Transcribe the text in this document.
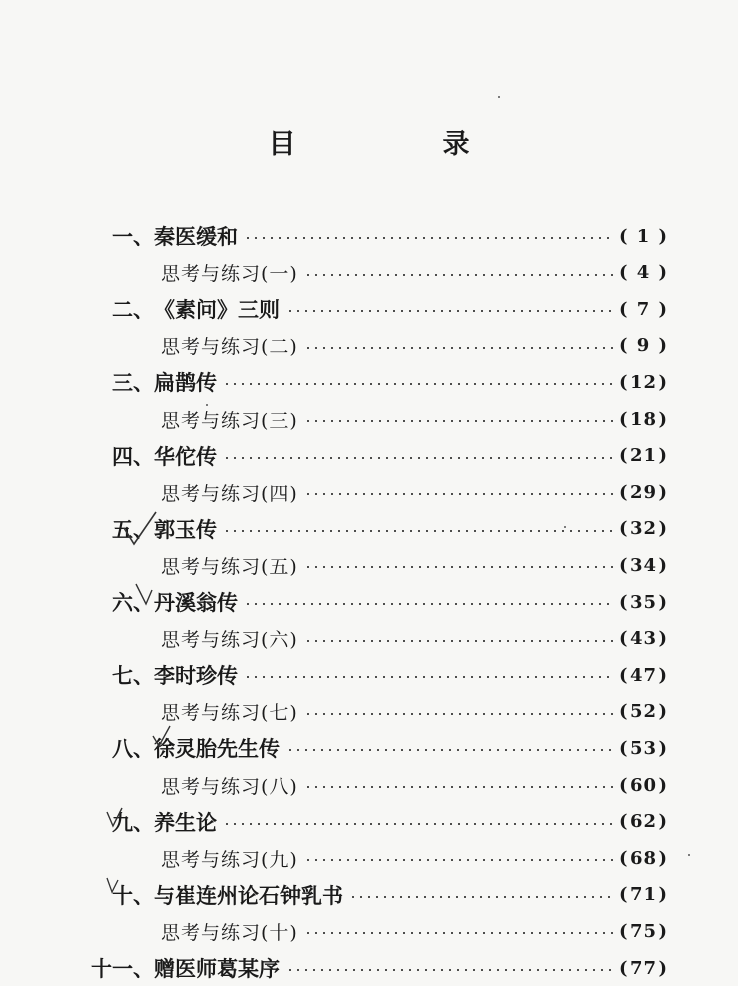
目　录
一、 秦医缓和	( 1 )
思考与练习(一)	( 4 )
二、 《素问》三则	( 7 )
思考与练习(二)	( 9 )
三、 扁鹊传	(12)
思考与练习(三)	(18)
四、 华佗传	(21)
思考与练习(四)	(29)
五、 郭玉传	(32)
思考与练习(五)	(34)
六、 丹溪翁传	(35)
思考与练习(六)	(43)
七、 李时珍传	(47)
思考与练习(七)	(52)
八、 徐灵胎先生传	(53)
思考与练习(八)	(60)
九、 养生论	(62)
思考与练习(九)	(68)
十、 与崔连州论石钟乳书	(71)
思考与练习(十)	(75)
十一、 赠医师葛某序	(77)
